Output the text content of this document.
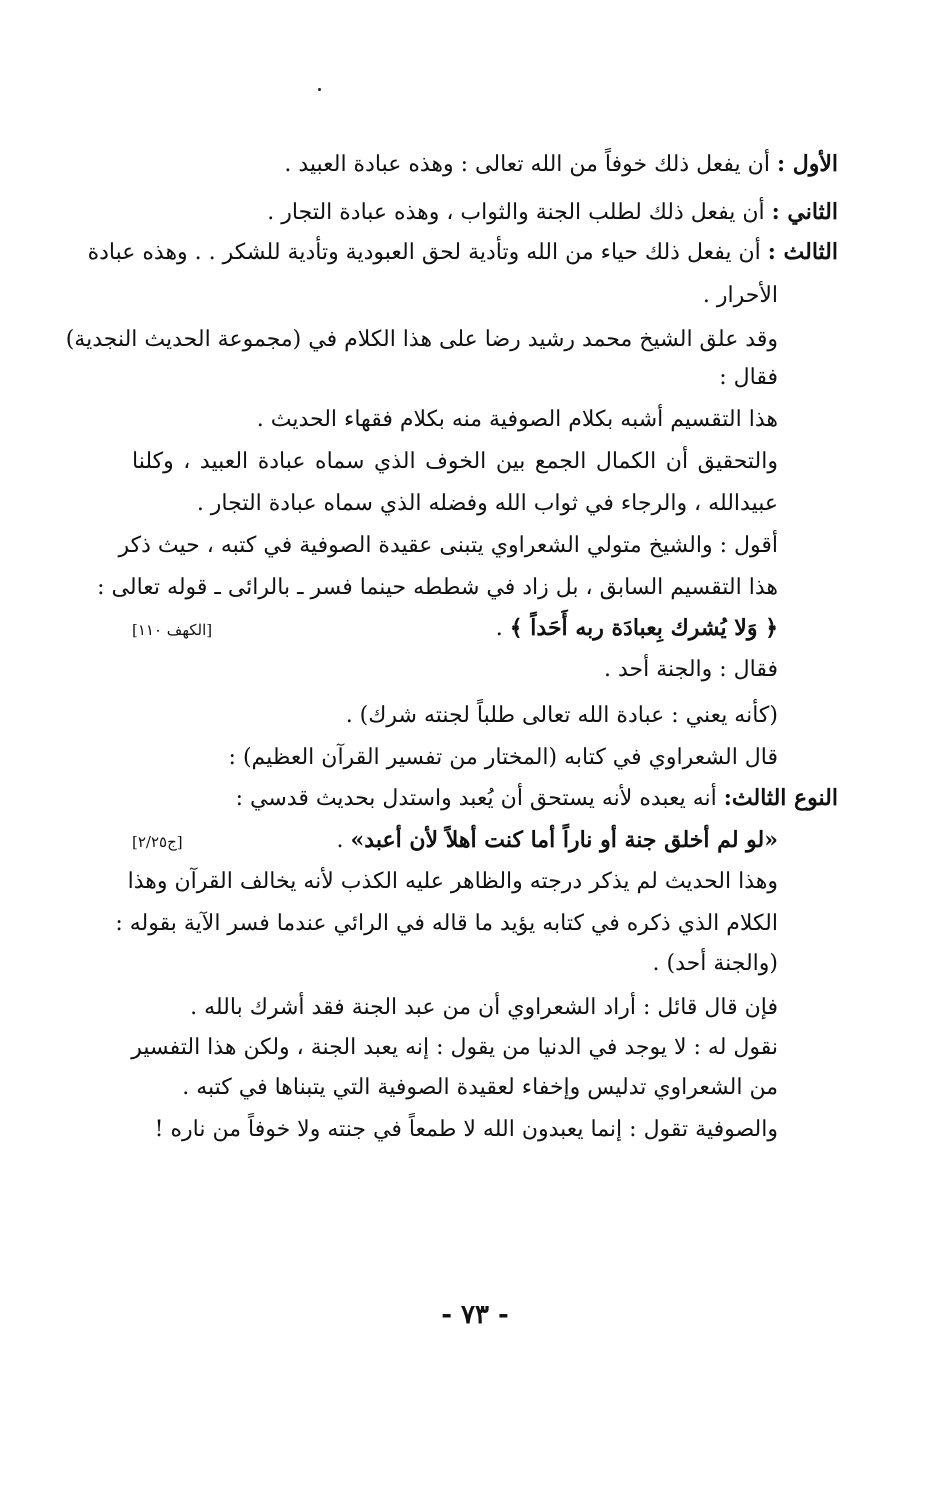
الأول : أن يفعل ذلك خوفاً من الله تعالى : وهذه عبادة العبيد .
الثاني : أن يفعل ذلك لطلب الجنة والثواب ، وهذه عبادة التجار .
الثالث : أن يفعل ذلك حياء من الله وتأدية لحق العبودية وتأدية للشكر . . وهذه عبادة
الأحرار .
وقد علق الشيخ محمد رشيد رضا على هذا الكلام في (مجموعة الحديث النجدية)
فقال :
هذا التقسيم أشبه بكلام الصوفية منه بكلام فقهاء الحديث .
والتحقيق أن الكمال الجمع بين الخوف الذي سماه عبادة العبيد ، وكلنا
عبيدالله ، والرجاء في ثواب الله وفضله الذي سماه عبادة التجار .
أقول : والشيخ متولي الشعراوي يتبنى عقيدة الصوفية في كتبه ، حيث ذكر
هذا التقسيم السابق ، بل زاد في شططه حينما فسر ـ بالرائى ـ قوله تعالى :
﴿ وَلا يُشرك بِعبادَة ربه أَحَداً ﴾ .
[الكهف ١١٠]
فقال : والجنة أحد .
(كأنه يعني : عبادة الله تعالى طلباً لجنته شرك) .
قال الشعراوي في كتابه (المختار من تفسير القرآن العظيم) :
النوع الثالث: أنه يعبده لأنه يستحق أن يُعبد واستدل بحديث قدسي :
«لو لم أخلق جنة أو ناراً أما كنت أهلاً لأن أعبد» .
[ج٢/٢٥]
وهذا الحديث لم يذكر درجته والظاهر عليه الكذب لأنه يخالف القرآن وهذا
الكلام الذي ذكره في كتابه يؤيد ما قاله في الرائي عندما فسر الآية بقوله :
(والجنة أحد) .
فإن قال قائل : أراد الشعراوي أن من عبد الجنة فقد أشرك بالله .
نقول له : لا يوجد في الدنيا من يقول : إنه يعبد الجنة ، ولكن هذا التفسير
من الشعراوي تدليس وإخفاء لعقيدة الصوفية التي يتبناها في كتبه .
والصوفية تقول : إنما يعبدون الله لا طمعاً في جنته ولا خوفاً من ناره !
- ٧٣ -
